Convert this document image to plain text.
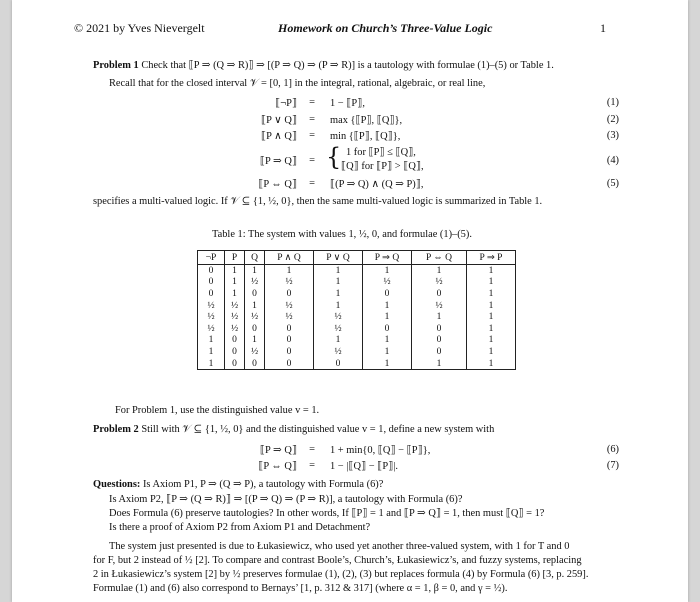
© 2021 by Yves Nievergelt	Homework on Church’s Three-Value Logic	1
Problem 1 Check that ⟦P ⇒ (Q ⇒ R)⟧ ⇒ [(P ⇒ Q) ⇒ (P ⇒ R)] is a tautology with formulae (1)–(5) or Table 1.
Recall that for the closed interval 𝒱 = [0, 1] in the integral, rational, algebraic, or real line,
⟦¬P⟧	=	1 − ⟦P⟧,	(1)
⟦P ∨ Q⟧	=	max {⟦P⟧, ⟦Q⟧},	(2)
⟦P ∧ Q⟧	=	min {⟦P⟧, ⟦Q⟧},	(3)
⟦P ⇒ Q⟧	= { 1 for ⟦P⟧ ≤ ⟦Q⟧,
⟦Q⟧ for ⟦P⟧ > ⟦Q⟧,
(4)
⟦P ⇔ Q⟧	=	⟦(P ⇒ Q) ∧ (Q ⇒ P)⟧,	(5)
specifies a multi-valued logic. If 𝒱 ⊆ {1, ½, 0}, then the same multi-valued logic is summarized in Table 1.
Table 1: The system with values 1, ½, 0, and formulae (1)–(5).
¬P	P	Q	P ∧ Q	P ∨ Q	P ⇒ Q	P ⇔ Q	P ⇒ P
0	1	1	1	1	1	1	1
0	1	½	½	1	½	½	1
0	1	0	0	1	0	0	1
½	½	1	½	1	1	½	1
½	½	½	½	½	1	1	1
½	½	0	0	½	0	0	1
1	0	1	0	1	1	0	1
1	0	½	0	½	1	0	1
1	0	0	0	0	1	1	1
For Problem 1, use the distinguished value v = 1.
Problem 2 Still with 𝒱 ⊆ {1, ½, 0} and the distinguished value v = 1, define a new system with
⟦P ⇒ Q⟧	=	1 + min{0, ⟦Q⟧ − ⟦P⟧},	(6)
⟦P ⇔ Q⟧	=	1 − |⟦Q⟧ − ⟦P⟧|.	(7)
Questions: Is Axiom P1, P ⇒ (Q ⇒ P), a tautology with Formula (6)?
Is Axiom P2, ⟦P ⇒ (Q ⇒ R)⟧ ⇒ [(P ⇒ Q) ⇒ (P ⇒ R)], a tautology with Formula (6)?
Does Formula (6) preserve tautologies? In other words, If ⟦P⟧ = 1 and ⟦P ⇒ Q⟧ = 1, then must ⟦Q⟧ = 1?
Is there a proof of Axiom P2 from Axiom P1 and Detachment?
The system just presented is due to Łukasiewicz, who used yet another three-valued system, with 1 for T and 0
for F, but 2 instead of ½ [2]. To compare and contrast Boole’s, Church’s, Łukasiewicz’s, and fuzzy systems, replacing
2 in Łukasiewicz’s system [2] by ½ preserves formulae (1), (2), (3) but replaces formula (4) by Formula (6) [3, p. 259].
Formulae (1) and (6) also correspond to Bernays’ [1, p. 312 & 317] (where α = 1, β = 0, and γ = ½).
